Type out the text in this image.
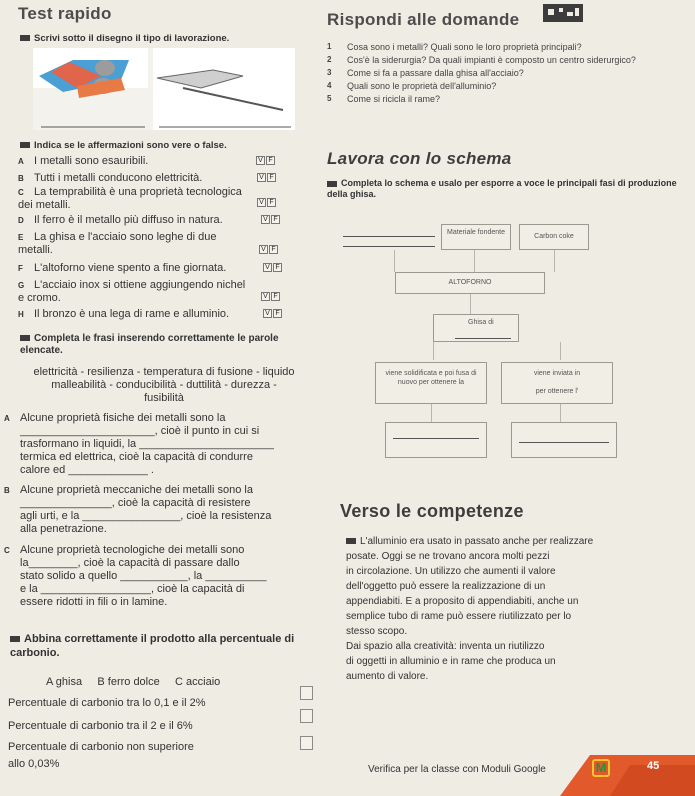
Test rapido	Rispondi alle domande
Scrivi sotto il disegno il tipo di lavorazione.
1 Cosa sono i metalli? Quali sono le loro proprietà principali?
2 Cos'è la siderurgia? Da quali impianti è composto un centro siderurgico?
3 Come si fa a passare dalla ghisa all'acciaio?
4 Quali sono le proprietà dell'alluminio?
5 Come si ricicla il rame?
Indica se le affermazioni sono vere o false.
A I metalli sono esauribili.	V F
B Tutti i metalli conducono elettricità.	V F
C La temprabilità è una proprietà tecnologica dei metalli.	V F
D Il ferro è il metallo più diffuso in natura.	V F
E La ghisa e l'acciaio sono leghe di due metalli.	V F
F L'altoforno viene spento a fine giornata.	V F
G L'acciaio inox si ottiene aggiungendo nichel e cromo.	V F
H Il bronzo è una lega di rame e alluminio.	V F
Lavora con lo schema
Completa lo schema e usalo per esporre a voce le principali fasi di produzione della ghisa.
Materiale fondente
Carbon coke
ALTOFORNO
Ghisa di
viene solidificata e poi fusa di nuovo per ottenere la
viene inviata in

per ottenere l'
Completa le frasi inserendo correttamente le parole elencate.
elettricità - resilienza - temperatura di fusione - liquido
malleabilità - conducibilità - duttilità - durezza -
fusibilità
A Alcune proprietà fisiche dei metalli sono la
______________________, cioè il punto in cui si
trasformano in liquidi, la ______________________
termica ed elettrica, cioè la capacità di condurre
calore ed _____________ .
B Alcune proprietà meccaniche dei metalli sono la
_______________, cioè la capacità di resistere
agli urti, e la ________________, cioè la resistenza
alla penetrazione.
C Alcune proprietà tecnologiche dei metalli sono
la________, cioè la capacità di passare dallo
stato solido a quello ___________, la __________
e la __________________, cioè la capacità di
essere ridotti in fili o in lamine.
Abbina correttamente il prodotto alla percentuale di carbonio.
A ghisa B ferro dolce C acciaio
Percentuale di carbonio tra lo 0,1 e il 2%
Percentuale di carbonio tra il 2 e il 6%
Percentuale di carbonio non superiore
allo 0,03%
Verso le competenze
L'alluminio era usato in passato anche per realizzare
posate. Oggi se ne trovano ancora molti pezzi
in circolazione. Un utilizzo che aumenti il valore
dell'oggetto può essere la realizzazione di un
appendiabiti. E a proposito di appendiabiti, anche un
semplice tubo di rame può essere riutilizzato per lo
stesso scopo.
Dai spazio alla creatività: inventa un riutilizzo
di oggetti in alluminio e in rame che produca un
aumento di valore.
Verifica per la classe con Moduli Google	M	45
